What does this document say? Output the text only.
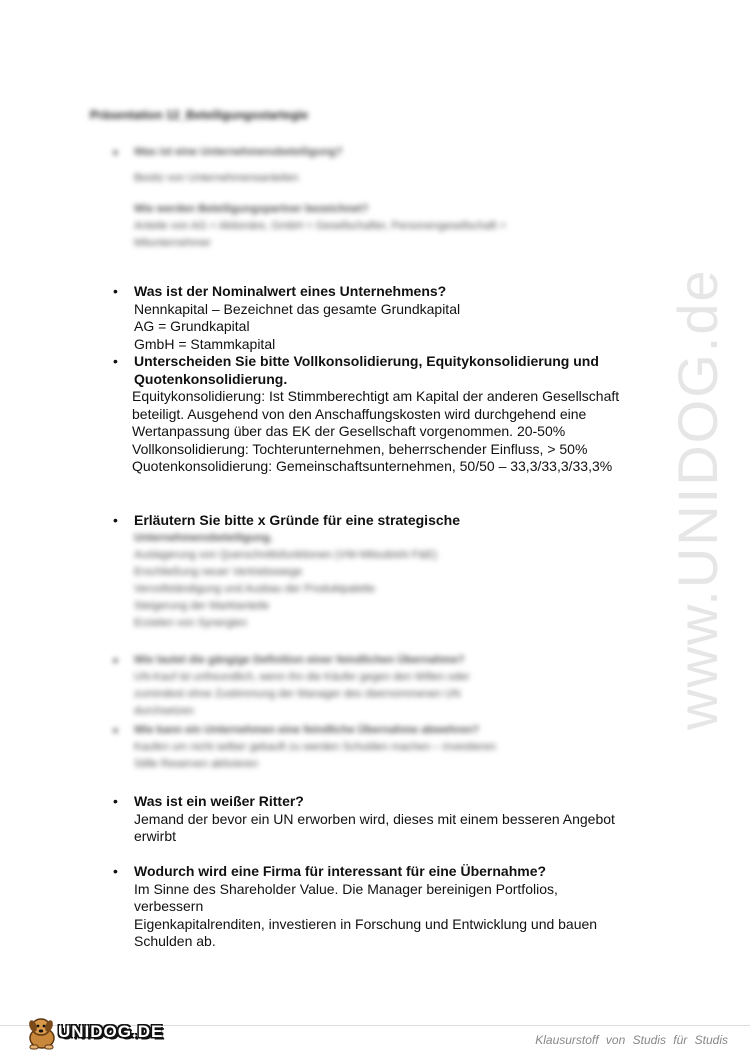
Präsentation 12_Beteiligungsstartegie
• Was ist eine Unternehmensbeteiligung?
Besitz von Unternehmensanteilen
Wie werden Beteiligungspartner bezeichnet?
Anteile von AG = Aktionäre, GmbH = Gesellschafter, Personengesellschaft =
Mitunternehmer
• Was ist der Nominalwert eines Unternehmens?
Nennkapital – Bezeichnet das gesamte Grundkapital
AG = Grundkapital
GmbH = Stammkapital
• Unterscheiden Sie bitte Vollkonsolidierung, Equitykonsolidierung und
Quotenkonsolidierung.
Equitykonsolidierung: Ist Stimmberechtigt am Kapital der anderen Gesellschaft
beteiligt. Ausgehend von den Anschaffungskosten wird durchgehend eine
Wertanpassung über das EK der Gesellschaft vorgenommen. 20-50%
Vollkonsolidierung: Tochterunternehmen, beherrschender Einfluss, > 50%
Quotenkonsolidierung: Gemeinschaftsunternehmen, 50/50 – 33,3/33,3/33,3%
• Erläutern Sie bitte x Gründe für eine strategische
Unternehmensbeteiligung.
Auslagerung von Querschnittsfunktionen (VW-Mitsubishi F&E)
Erschließung neuer Vertriebswege
Vervollständigung und Ausbau der Produktpalette
Steigerung der Marktanteile
Erzielen von Synergien
• Wie lautet die gängige Definition einer feindlichen Übernahme?
UN-Kauf ist unfreundlich, wenn ihn die Käufer gegen den Willen oder
zumindest ohne Zustimmung der Manager des übernommenen UN
durchsetzen
• Wie kann ein Unternehmen eine feindliche Übernahme abwehren?
Kaufen um nicht selber gekauft zu werden Schulden machen – investieren
Stille Reserven aktivieren
• Was ist ein weißer Ritter?
Jemand der bevor ein UN erworben wird, dieses mit einem besseren Angebot
erwirbt
• Wodurch wird eine Firma für interessant für eine Übernahme?
Im Sinne des Shareholder Value. Die Manager bereinigen Portfolios,
verbessern
Eigenkapitalrenditen, investieren in Forschung und Entwicklung und bauen
Schulden ab.
www.UNIDOG.de
UNIDOG.DE	Klausurstoff von Studis für Studis
